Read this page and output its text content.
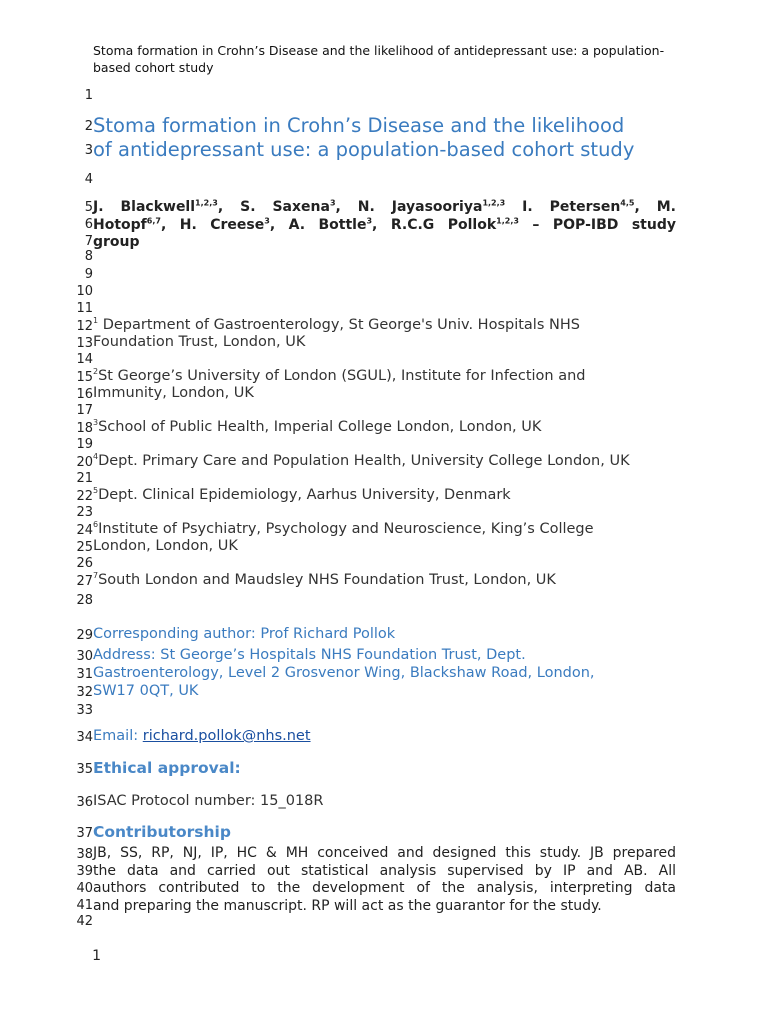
Stoma formation in Crohn’s Disease and the likelihood of antidepressant use: a population-based cohort study
1
2
3
4
5
6
7
8
9
10
11
12
13
14
15
16
17
18
19
20
21
22
23
24
25
26
27
28
29
30
31
32
33
34
35
36
37
38
39
40
41
42
Stoma formation in Crohn’s Disease and the likelihood
of antidepressant use: a population-based cohort study
J. Blackwell$^{1,2,3}$, S. Saxena$^3$, N. Jayasooriya$^{1,2,3}$ I. Petersen$^{4,5}$, M.
Hotopf$^{6,7}$, H. Creese$^3$, A. Bottle$^3$, R.C.G Pollok$^{1,2,3}$ – POP-IBD study
group
$^1$ Department of Gastroenterology, St George's Univ. Hospitals NHS
Foundation Trust, London, UK
$^2$St George’s University of London (SGUL), Institute for Infection and
Immunity, London, UK
$^3$School of Public Health, Imperial College London, London, UK
$^4$Dept. Primary Care and Population Health, University College London, UK
$^5$Dept. Clinical Epidemiology, Aarhus University, Denmark
$^6$Institute of Psychiatry, Psychology and Neuroscience, King’s College
London, London, UK
$^7$South London and Maudsley NHS Foundation Trust, London, UK
Corresponding author: Prof Richard Pollok
Address: St George’s Hospitals NHS Foundation Trust, Dept.
Gastroenterology, Level 2 Grosvenor Wing, Blackshaw Road, London,
SW17 0QT, UK
Email: richard.pollok@nhs.net
Ethical approval:
ISAC Protocol number: 15_018R
Contributorship
JB, SS, RP, NJ, IP, HC & MH conceived and designed this study. JB prepared
the data and carried out statistical analysis supervised by IP and AB. All
authors contributed to the development of the analysis, interpreting data
and preparing the manuscript. RP will act as the guarantor for the study.
1
